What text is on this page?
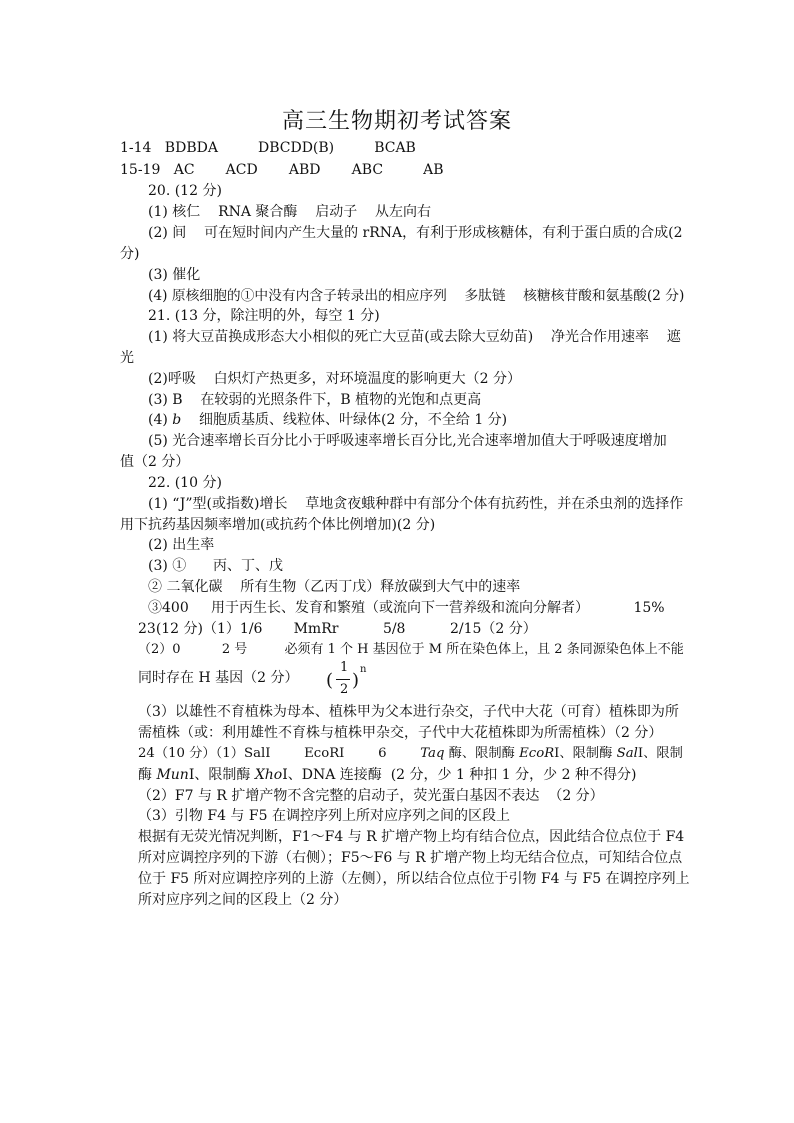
高三生物期初考试答案
1-14   BDBDA         DBCDD(B)         BCAB
15-19   AC       ACD       ABD       ABC         AB
20. (12 分)
(1) 核仁    RNA 聚合酶    启动子    从左向右
(2) 间    可在短时间内产生大量的 rRNA，有利于形成核糖体，有利于蛋白质的合成(2
分)
(3) 催化
(4) 原核细胞的①中没有内含子转录出的相应序列    多肽链    核糖核苷酸和氨基酸(2 分)
21. (13 分，除注明的外，每空 1 分)
(1) 将大豆苗换成形态大小相似的死亡大豆苗(或去除大豆幼苗)    净光合作用速率    遮
光
(2)呼吸    白炽灯产热更多，对环境温度的影响更大（2 分）
(3) B    在较弱的光照条件下，B 植物的光饱和点更高
(4) b    细胞质基质、线粒体、叶绿体(2 分，不全给 1 分)
(5) 光合速率增长百分比小于呼吸速率增长百分比,光合速率增加值大于呼吸速度增加
值（2 分）
22. (10 分)
(1) “J”型(或指数)增长    草地贪夜蛾种群中有部分个体有抗药性，并在杀虫剂的选择作
用下抗药基因频率增加(或抗药个体比例增加)(2 分)
(2) 出生率
(3) ①      丙、丁、戊
② 二氧化碳    所有生物（乙丙丁戊）释放碳到大气中的速率
③400     用于丙生长、发育和繁殖（或流向下一营养级和流向分解者）          15%
23(12 分)（1）1/6       MmRr          5/8          2/15（2 分）
（2）0          2 号         必须有 1 个 H 基因位于 M 所在染色体上，且 2 条同源染色体上不能
同时存在 H 基因（2 分） (
1
2 )
n
（3）以雄性不育植株为母本、植株甲为父本进行杂交，子代中大花（可育）植株即为所
需植株（或：利用雄性不育株与植株甲杂交，子代中大花植株即为所需植株）（2 分）
24（10 分）（1）SalⅠ        EcoRⅠ        6        Taq 酶、限制酶 EcoRⅠ、限制酶 SalⅠ、限制
酶 MunⅠ、限制酶 XhoⅠ、DNA 连接酶  (2 分，少 1 种扣 1 分，少 2 种不得分)
（2）F7 与 R 扩增产物不含完整的启动子，荧光蛋白基因不表达  （2 分）
（3）引物 F4 与 F5 在调控序列上所对应序列之间的区段上
根据有无荧光情况判断，F1～F4 与 R 扩增产物上均有结合位点，因此结合位点位于 F4
所对应调控序列的下游（右侧）；F5～F6 与 R 扩增产物上均无结合位点，可知结合位点
位于 F5 所对应调控序列的上游（左侧），所以结合位点位于引物 F4 与 F5 在调控序列上
所对应序列之间的区段上（2 分）
